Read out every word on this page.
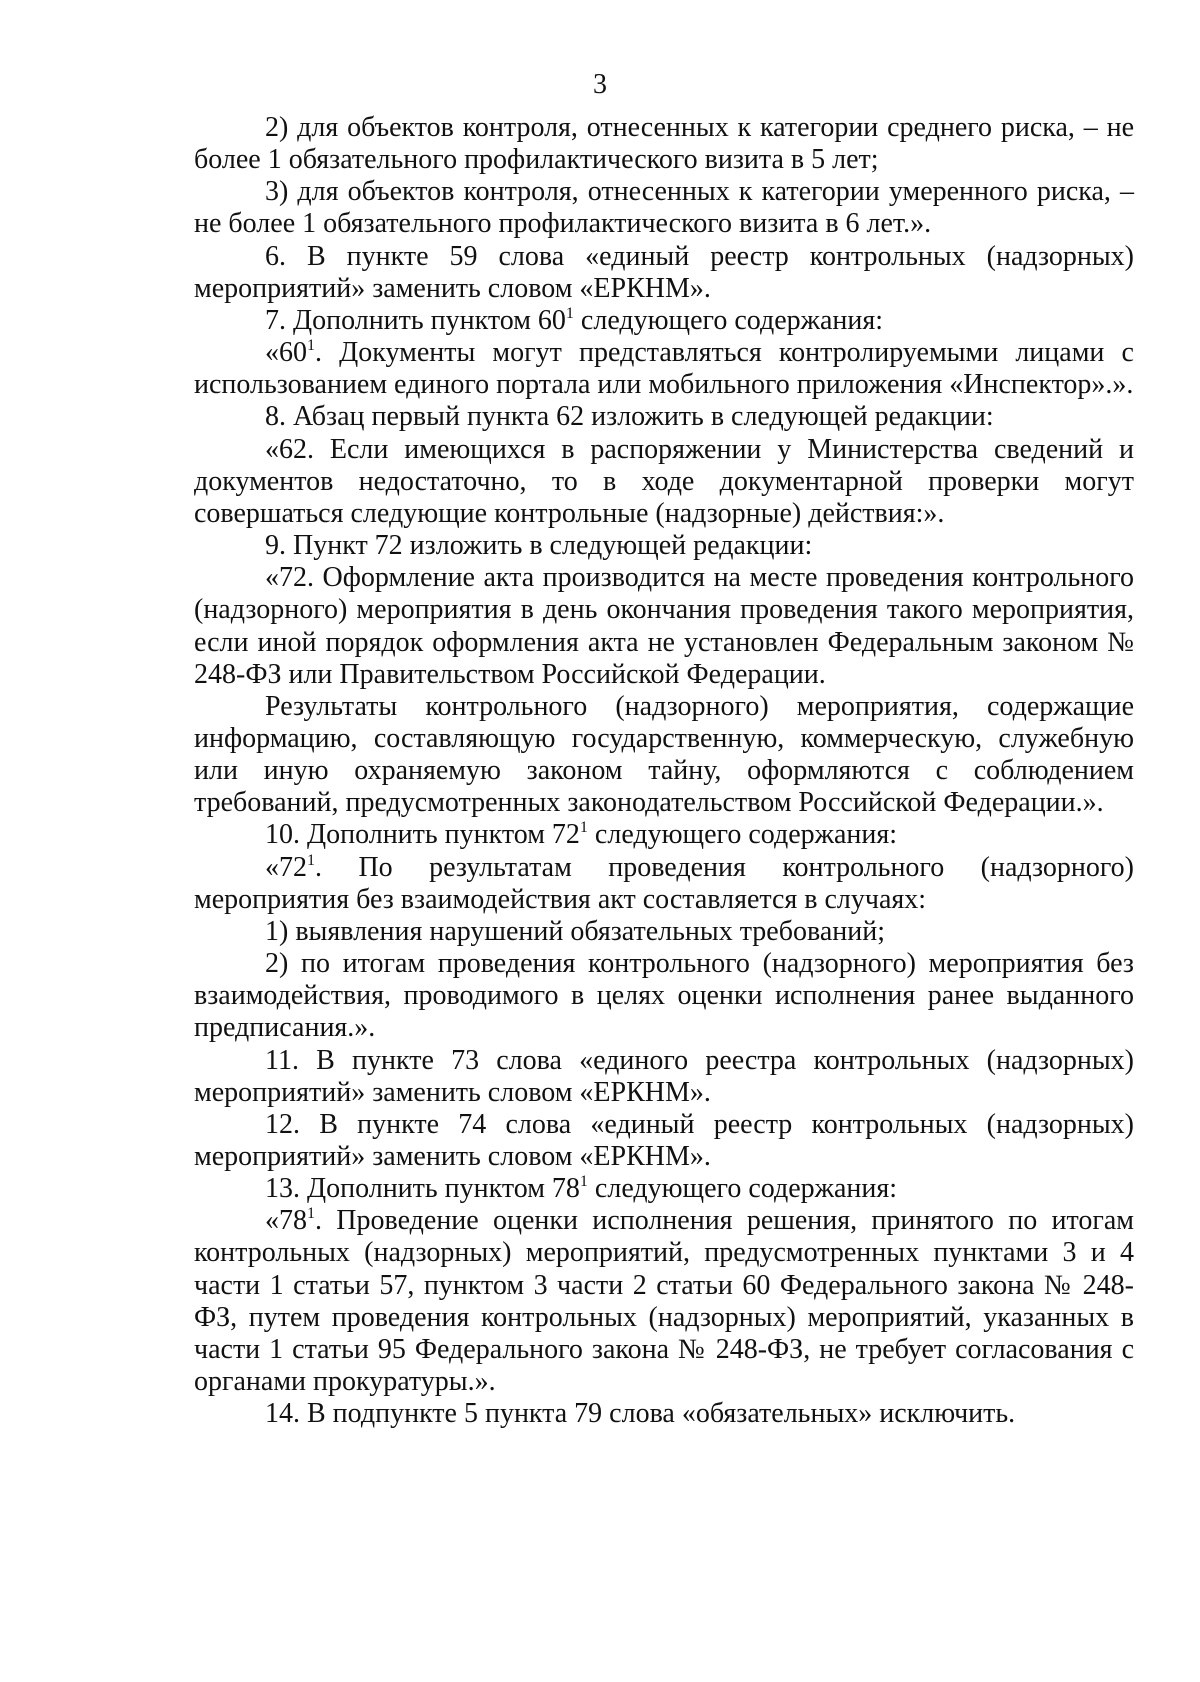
3

2) для объектов контроля, отнесенных к категории среднего риска, – не более 1 обязательного профилактического визита в 5 лет;

3) для объектов контроля, отнесенных к категории умеренного риска, – не более 1 обязательного профилактического визита в 6 лет.».

6. В пункте 59 слова «единый реестр контрольных (надзорных) мероприятий» заменить словом «ЕРКНМ».

7. Дополнить пунктом $60^1$ следующего содержания:

«$60^1$. Документы могут представляться контролируемыми лицами с использованием единого портала или мобильного приложения «Инспектор».».

8. Абзац первый пункта 62 изложить в следующей редакции:

«62. Если имеющихся в распоряжении у Министерства сведений и документов недостаточно, то в ходе документарной проверки могут совершаться следующие контрольные (надзорные) действия:».

9. Пункт 72 изложить в следующей редакции:

«72. Оформление акта производится на месте проведения контрольного (надзорного) мероприятия в день окончания проведения такого мероприятия, если иной порядок оформления акта не установлен Федеральным законом № 248-ФЗ или Правительством Российской Федерации.

Результаты контрольного (надзорного) мероприятия, содержащие информацию, составляющую государственную, коммерческую, служебную или иную охраняемую законом тайну, оформляются с соблюдением требований, предусмотренных законодательством Российской Федерации.».

10. Дополнить пунктом $72^1$ следующего содержания:

«$72^1$. По результатам проведения контрольного (надзорного) мероприятия без взаимодействия акт составляется в случаях:

1) выявления нарушений обязательных требований;

2) по итогам проведения контрольного (надзорного) мероприятия без взаимодействия, проводимого в целях оценки исполнения ранее выданного предписания.».

11. В пункте 73 слова «единого реестра контрольных (надзорных) мероприятий» заменить словом «ЕРКНМ».

12. В пункте 74 слова «единый реестр контрольных (надзорных) мероприятий» заменить словом «ЕРКНМ».

13. Дополнить пунктом $78^1$ следующего содержания:

«$78^1$. Проведение оценки исполнения решения, принятого по итогам контрольных (надзорных) мероприятий, предусмотренных пунктами 3 и 4 части 1 статьи 57, пунктом 3 части 2 статьи 60 Федерального закона № 248-ФЗ, путем проведения контрольных (надзорных) мероприятий, указанных в части 1 статьи 95 Федерального закона № 248-ФЗ, не требует согласования с органами прокуратуры.».

14. В подпункте 5 пункта 79 слова «обязательных» исключить.
